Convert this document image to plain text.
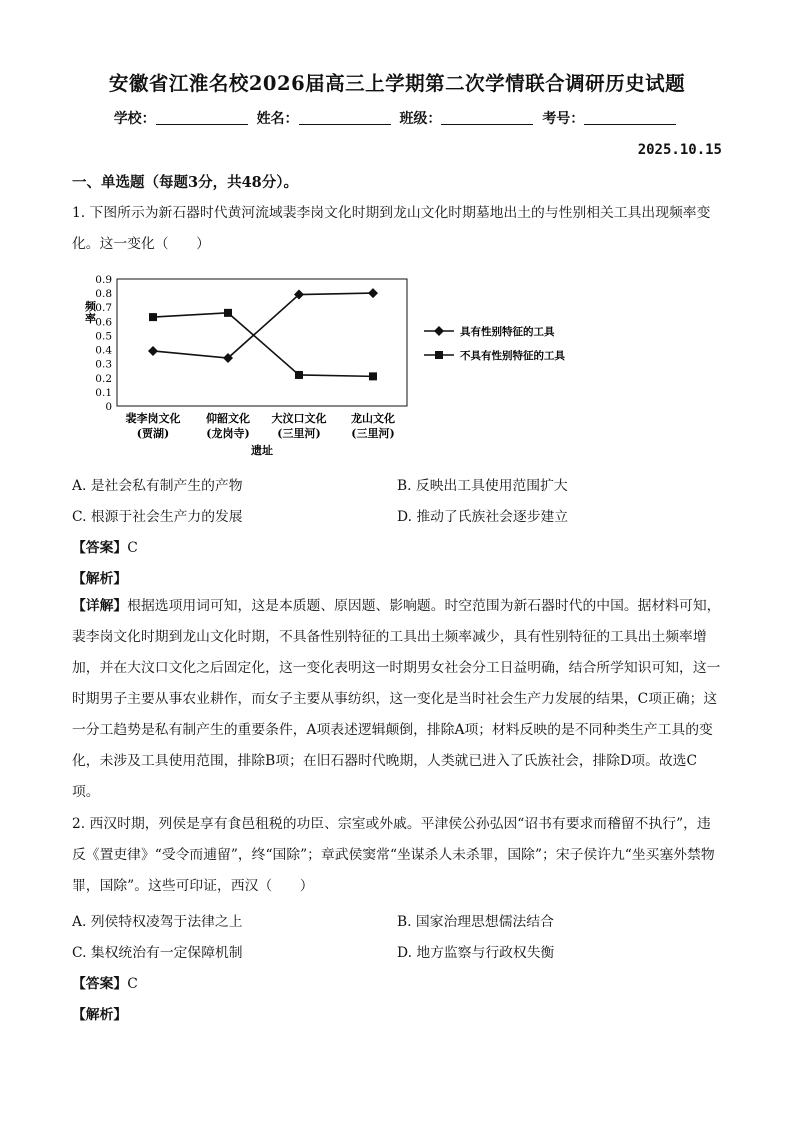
安徽省江淮名校2026届高三上学期第二次学情联合调研历史试题
学校：	姓名：	班级：	考号：
2025.10.15
一、单选题（每题3分，共48分）。
1. 下图所示为新石器时代黄河流域裴李岗文化时期到龙山文化时期墓地出土的与性别相关工具出现频率变
化。这一变化（　　）
0
0.1
0.2
0.3
0.4
0.5
0.6
0.7
0.8
0.9
频
率
裴李岗文化
(贾湖)
仰韶文化
(龙岗寺)
大汶口文化
(三里河)
龙山文化
(三里河)
遗址
具有性别特征的工具
不具有性别特征的工具
A. 是社会私有制产生的产物	B. 反映出工具使用范围扩大
C. 根源于社会生产力的发展	D. 推动了氏族社会逐步建立
【答案】C
【解析】
【详解】根据选项用词可知，这是本质题、原因题、影响题。时空范围为新石器时代的中国。据材料可知，裴李岗文化时期到龙山文化时期，不具备性别特征的工具出土频率减少，具有性别特征的工具出土频率增加，并在大汶口文化之后固定化，这一变化表明这一时期男女社会分工日益明确，结合所学知识可知，这一时期男子主要从事农业耕作，而女子主要从事纺织，这一变化是当时社会生产力发展的结果，C项正确；这一分工趋势是私有制产生的重要条件，A项表述逻辑颠倒，排除A项；材料反映的是不同种类生产工具的变化，未涉及工具使用范围，排除B项；在旧石器时代晚期，人类就已进入了氏族社会，排除D项。故选C项。
2. 西汉时期，列侯是享有食邑租税的功臣、宗室或外戚。平津侯公孙弘因“诏书有要求而稽留不执行”，违反《置吏律》“受令而逋留”，终“国除”；章武侯窦常“坐谋杀人未杀罪，国除”；宋子侯许九“坐买塞外禁物罪，国除”。这些可印证，西汉（　　）
A. 列侯特权凌驾于法律之上	B. 国家治理思想儒法结合
C. 集权统治有一定保障机制	D. 地方监察与行政权失衡
【答案】C
【解析】
